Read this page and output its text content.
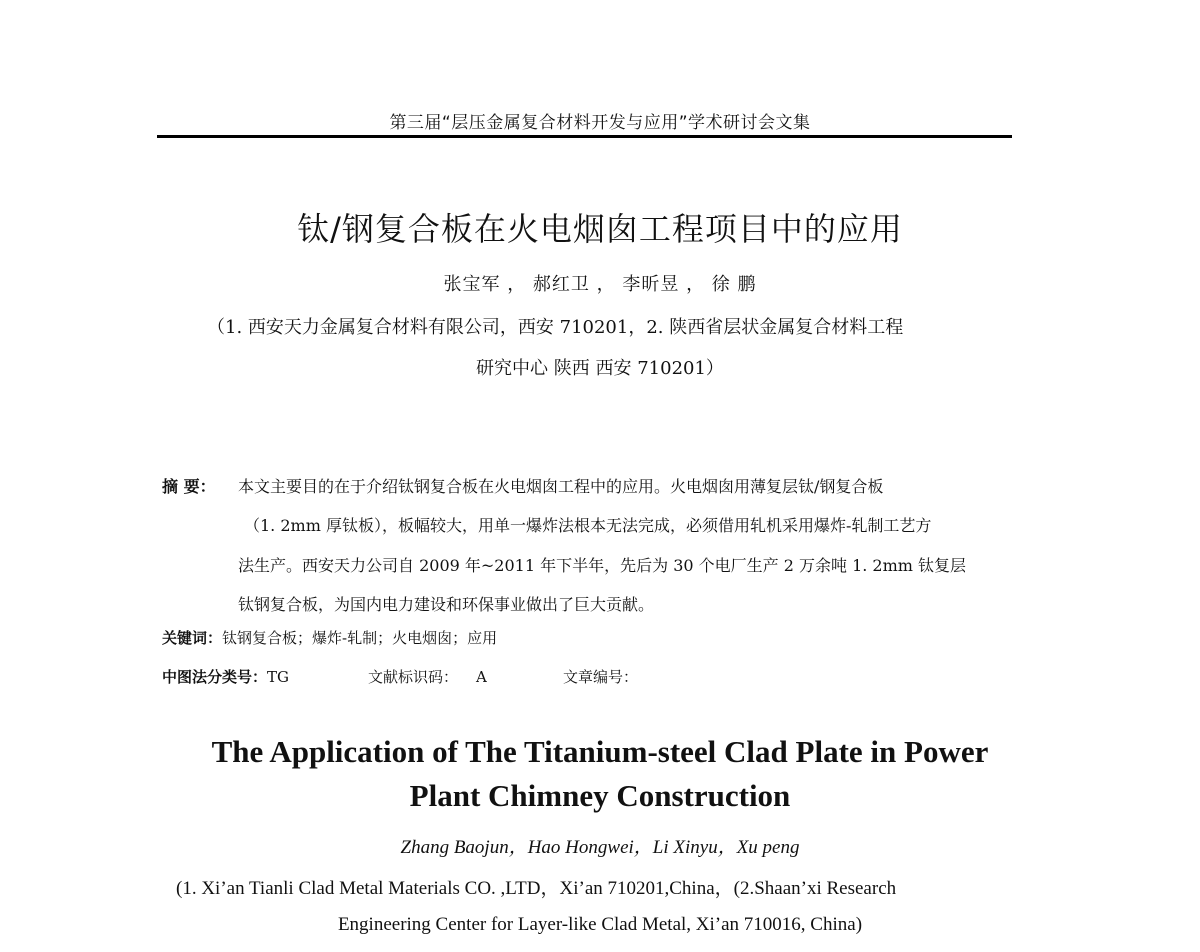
第三届“层压金属复合材料开发与应用”学术研讨会文集
钛/钢复合板在火电烟囱工程项目中的应用
张宝军 ， 郝红卫 ， 李昕昱 ， 徐 鹏
（1. 西安天力金属复合材料有限公司，西安 710201，2. 陕西省层状金属复合材料工程
研究中心 陕西 西安 710201）
摘 要： 本文主要目的在于介绍钛钢复合板在火电烟囱工程中的应用。火电烟囱用薄复层钛/钢复合板
（1. 2mm 厚钛板），板幅较大，用单一爆炸法根本无法完成，必须借用轧机采用爆炸-轧制工艺方
法生产。西安天力公司自 2009 年~2011 年下半年，先后为 30 个电厂生产 2 万余吨 1. 2mm 钛复层
钛钢复合板，为国内电力建设和环保事业做出了巨大贡献。
关键词：钛钢复合板；爆炸-轧制；火电烟囱；应用
中图法分类号：TG	文献标识码： A	文章编号：
The Application of The Titanium-steel Clad Plate in Power
Plant Chimney Construction
Zhang Baojun，Hao Hongwei，Li Xinyu，Xu peng
(1. Xi’an Tianli Clad Metal Materials CO. ,LTD，Xi’an 710201,China，(2.Shaan’xi Research
Engineering Center for Layer-like Clad Metal, Xi’an 710016, China)
